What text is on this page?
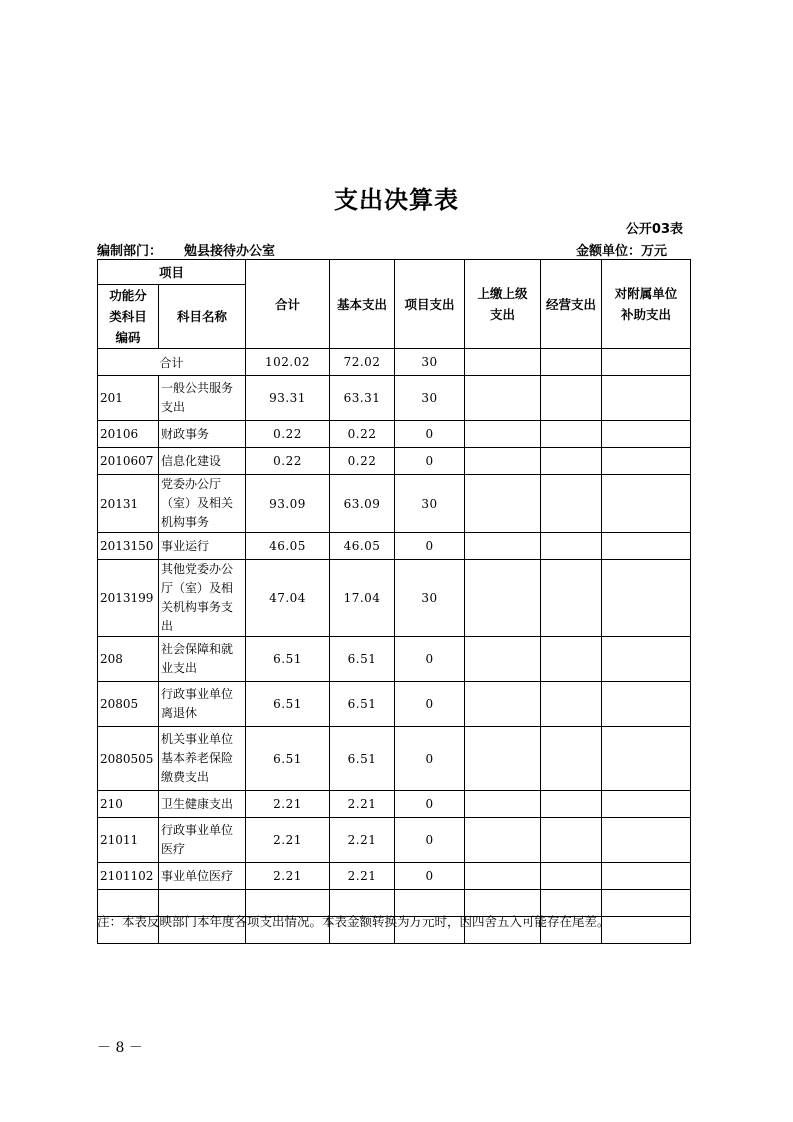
支出决算表
公开03表
编制部门： 勉县接待办公室	金额单位：万元
项目		合计	基本支出	项目支出	上缴上级支出	经营支出	对附属单位补助支出
功能分类科目编码	科目名称						
合计		102.02	72.02	30			
201	一般公共服务支出	93.31	63.31	30			
20106	财政事务	0.22	0.22	0			
2010607	信息化建设	0.22	0.22	0			
20131	党委办公厅（室）及相关机构事务	93.09	63.09	30			
2013150	事业运行	46.05	46.05	0			
2013199	其他党委办公厅（室）及相关机构事务支出	47.04	17.04	30			
208	社会保障和就业支出	6.51	6.51	0			
20805	行政事业单位离退休	6.51	6.51	0			
2080505	机关事业单位基本养老保险缴费支出	6.51	6.51	0			
210	卫生健康支出	2.21	2.21	0			
21011	行政事业单位医疗	2.21	2.21	0			
2101102	事业单位医疗	2.21	2.21	0			

注：本表反映部门本年度各项支出情况。本表金额转换为万元时，因四舍五入可能存在尾差。
－ 8 －
